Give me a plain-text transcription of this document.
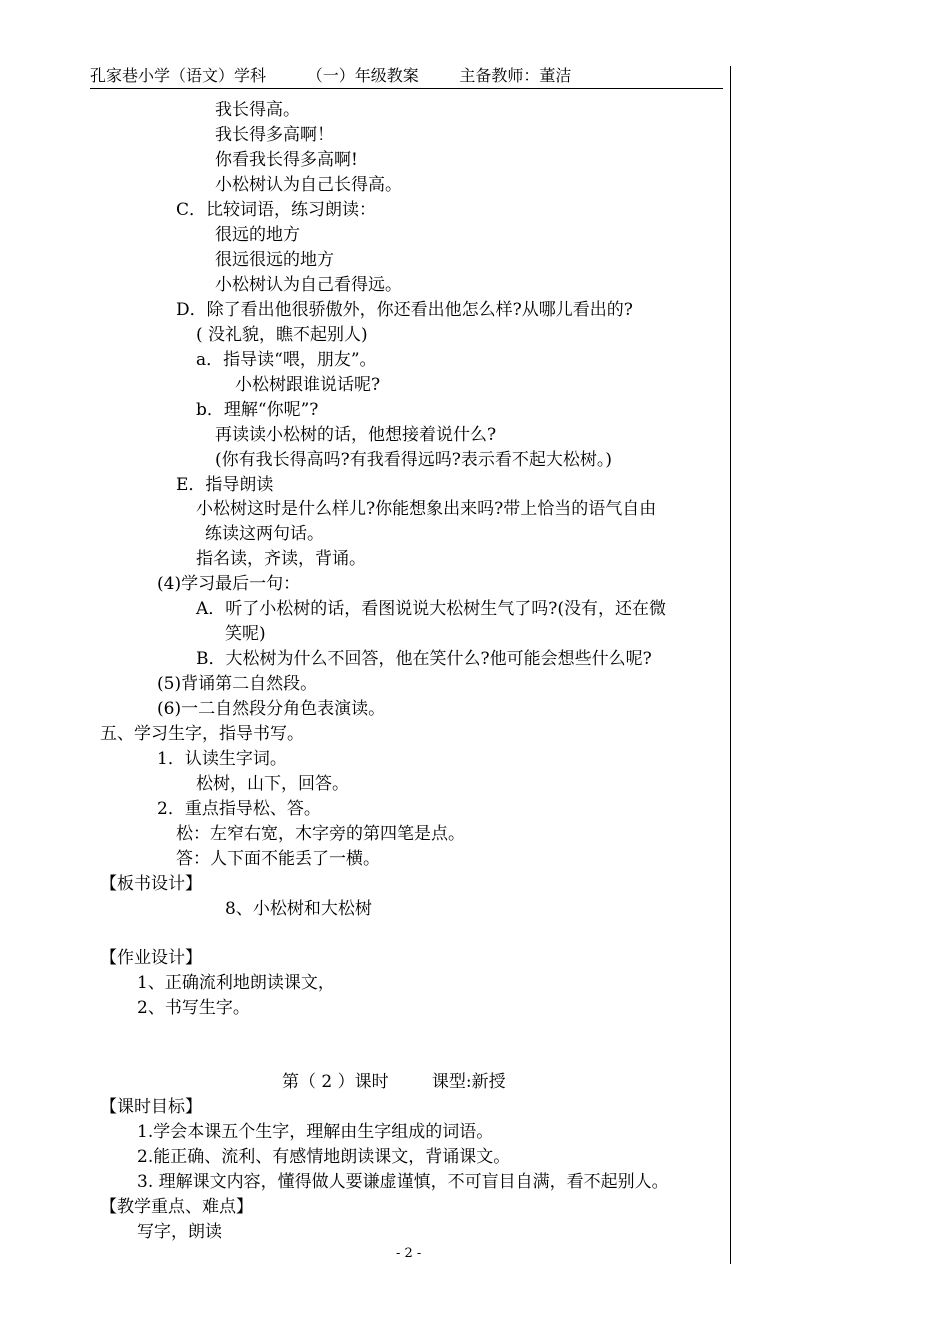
孔家巷小学（语文）学科	（一）年级教案	主备教师：董洁
我长得高。
我长得多高啊！
你看我长得多高啊!
小松树认为自己长得高。
C．比较词语，练习朗读：
很远的地方
很远很远的地方
小松树认为自己看得远。
D．除了看出他很骄傲外，你还看出他怎么样?从哪儿看出的?
( 没礼貌，瞧不起别人)
a．指导读“喂，朋友”。
小松树跟谁说话呢?
b．理解“你呢”?
再读读小松树的话，他想接着说什么?
(你有我长得高吗?有我看得远吗?表示看不起大松树。)
E．指导朗读
小松树这时是什么样儿?你能想象出来吗?带上恰当的语气自由
练读这两句话。
指名读，齐读，背诵。
(4)学习最后一句：
A．听了小松树的话，看图说说大松树生气了吗?(没有，还在微
笑呢)
B．大松树为什么不回答，他在笑什么?他可能会想些什么呢?
(5)背诵第二自然段。
(6)一二自然段分角色表演读。
五、学习生字，指导书写。
1．认读生字词。
松树，山下，回答。
2．重点指导松、答。
松：左窄右宽，木字旁的第四笔是点。
答：人下面不能丢了一横。
【板书设计】
8、小松树和大松树
【作业设计】
1、正确流利地朗读课文，
2、书写生字。
第（ 2 ）课时        课型:新授
【课时目标】
1.学会本课五个生字，理解由生字组成的词语。
2.能正确、流利、有感情地朗读课文，背诵课文。
3. 理解课文内容，懂得做人要谦虚谨慎，不可盲目自满，看不起别人。
【教学重点、难点】
写字，朗读
- 2 -
